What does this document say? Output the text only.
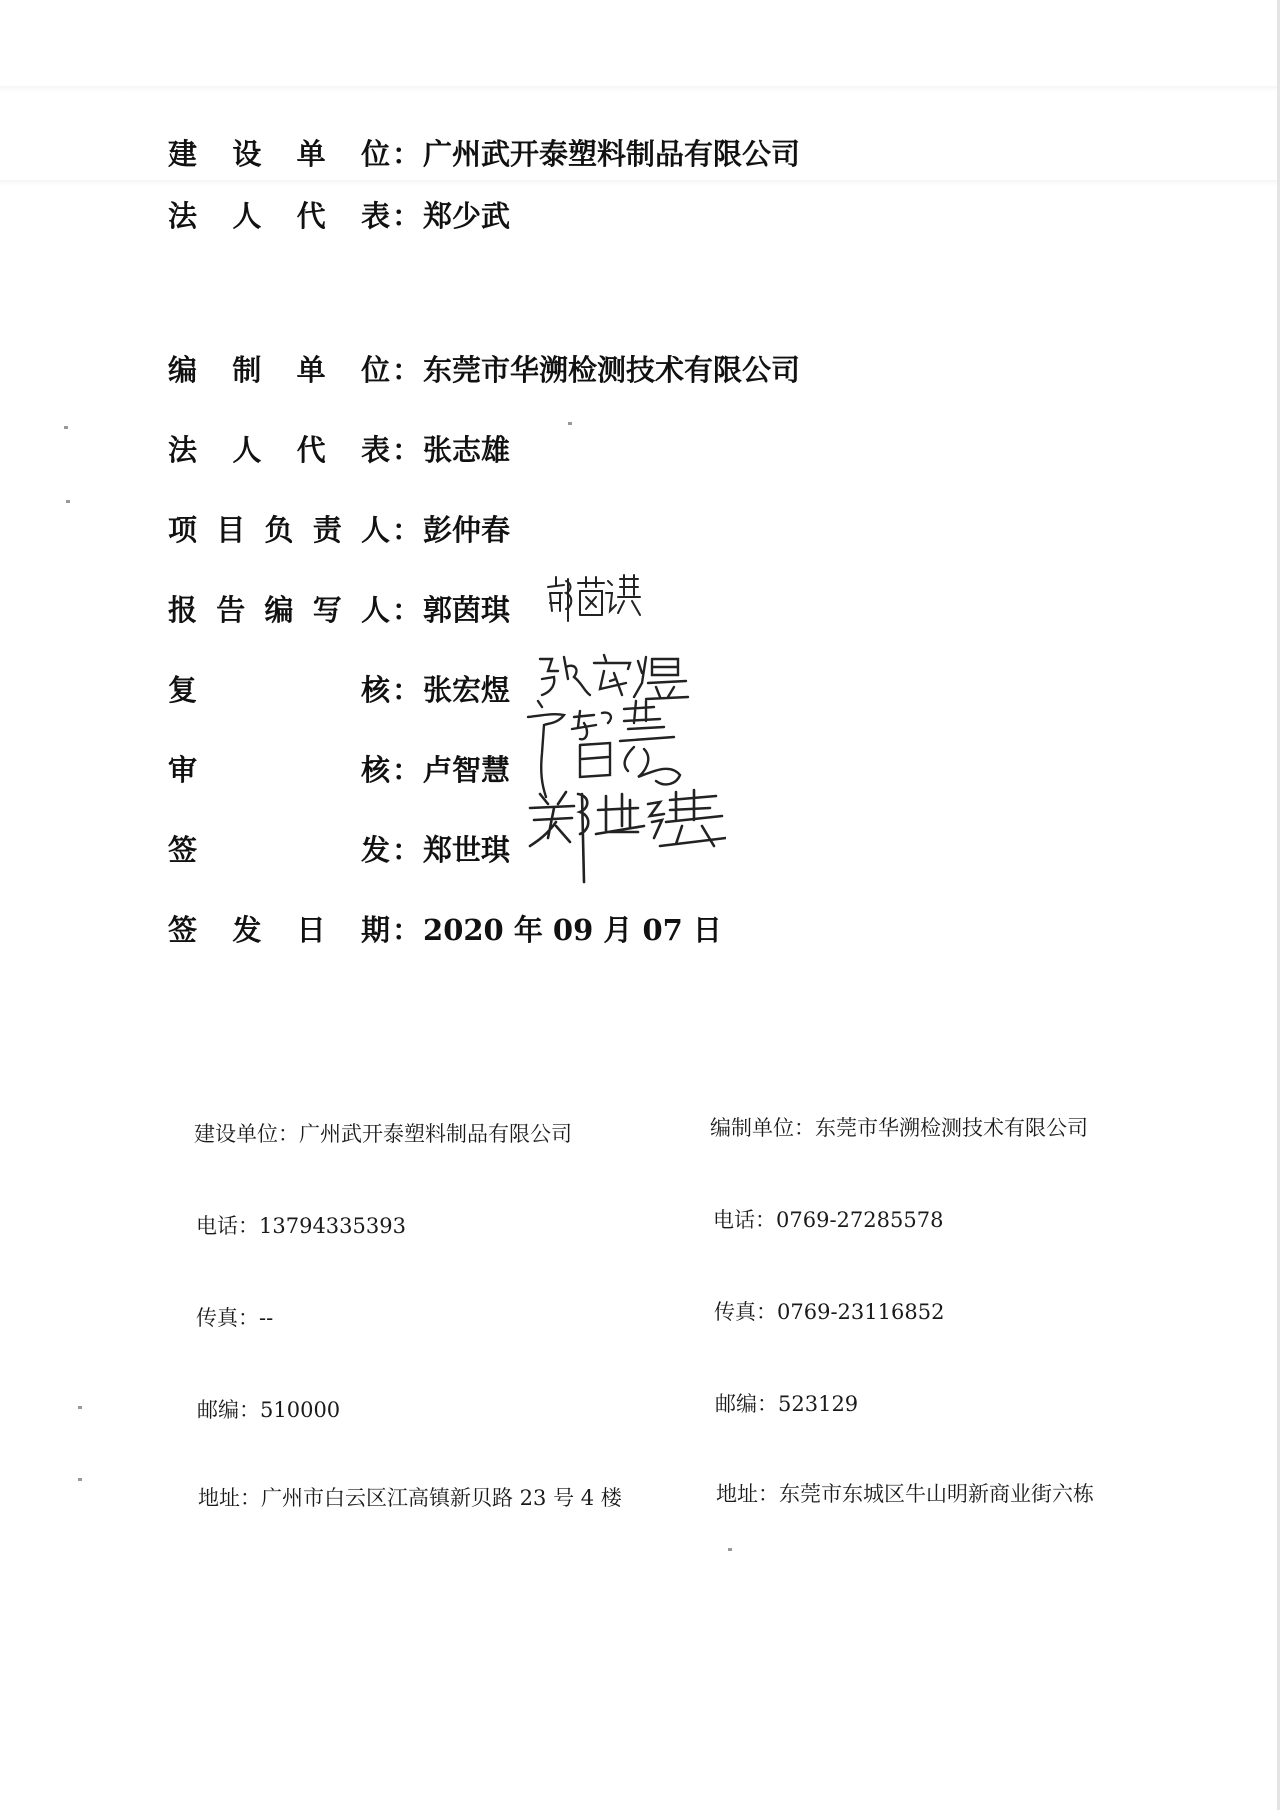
建 设 单 位 ： 广州武开泰塑料制品有限公司
法 人 代 表 ： 郑少武
编 制 单 位 ： 东莞市华溯检测技术有限公司
法 人 代 表 ： 张志雄
项 目 负 责 人 ： 彭仲春
报 告 编 写 人 ： 郭茵琪
复	核 ： 张宏煜
审	核 ： 卢智慧
签	发 ： 郑世琪
签 发 日 期 ： 2020 年 09 月 07 日
建设单位：广州武开泰塑料制品有限公司
电话：13794335393
传真：--
邮编：510000
地址：广州市白云区江高镇新贝路 23 号 4 楼
编制单位：东莞市华溯检测技术有限公司
电话：0769-27285578
传真：0769-23116852
邮编：523129
地址：东莞市东城区牛山明新商业街六栋
